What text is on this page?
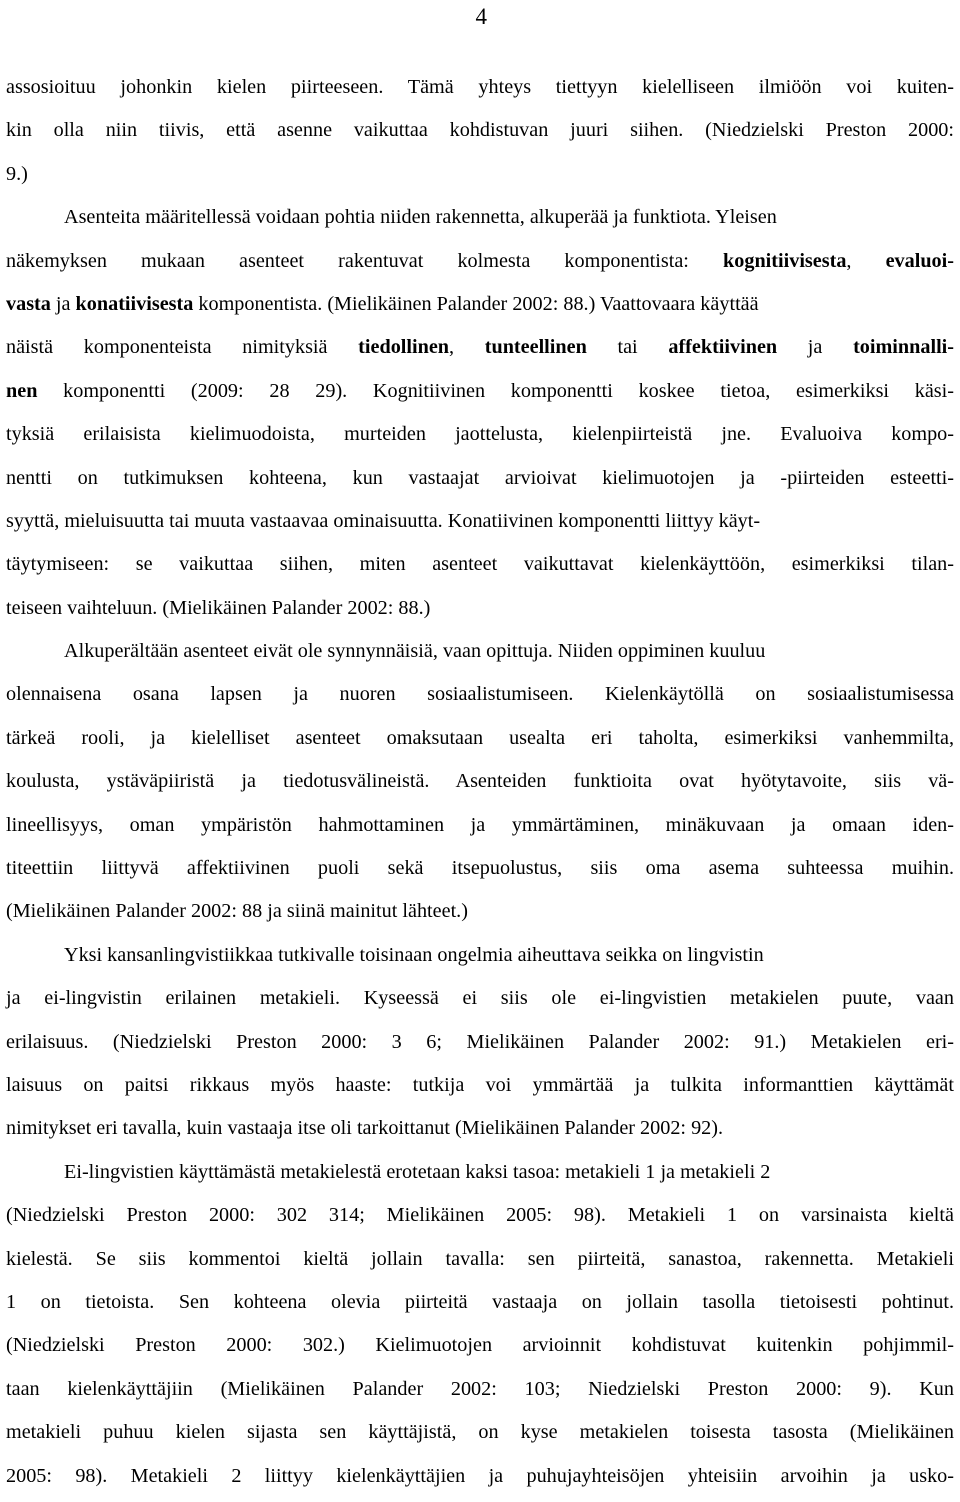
4
assosioituu johonkin kielen piirteeseen. Tämä yhteys tiettyyn kielelliseen ilmiöön voi kuiten-
kin olla niin tiivis, että asenne vaikuttaa kohdistuvan juuri siihen. (Niedzielski Preston 2000:
9.)
Asenteita määritellessä voidaan pohtia niiden rakennetta, alkuperää ja funktiota. Yleisen
näkemyksen mukaan asenteet rakentuvat kolmesta komponentista: kognitiivisesta, evaluoi-
vasta ja konatiivisesta komponentista. (Mielikäinen Palander 2002: 88.) Vaattovaara käyttää
näistä komponenteista nimityksiä tiedollinen, tunteellinen tai affektiivinen ja toiminnalli-
nen komponentti (2009: 28 29). Kognitiivinen komponentti koskee tietoa, esimerkiksi käsi-
tyksiä erilaisista kielimuodoista, murteiden jaottelusta, kielenpiirteistä jne. Evaluoiva kompo-
nentti on tutkimuksen kohteena, kun vastaajat arvioivat kielimuotojen ja -piirteiden esteetti-
syyttä, mieluisuutta tai muuta vastaavaa ominaisuutta. Konatiivinen komponentti liittyy käyt-
täytymiseen: se vaikuttaa siihen, miten asenteet vaikuttavat kielenkäyttöön, esimerkiksi tilan-
teiseen vaihteluun. (Mielikäinen Palander 2002: 88.)
Alkuperältään asenteet eivät ole synnynnäisiä, vaan opittuja. Niiden oppiminen kuuluu
olennaisena osana lapsen ja nuoren sosiaalistumiseen. Kielenkäytöllä on sosiaalistumisessa
tärkeä rooli, ja kielelliset asenteet omaksutaan usealta eri taholta, esimerkiksi vanhemmilta,
koulusta, ystäväpiiristä ja tiedotusvälineistä. Asenteiden funktioita ovat hyötytavoite, siis vä-
lineellisyys, oman ympäristön hahmottaminen ja ymmärtäminen, minäkuvaan ja omaan iden-
titeettiin liittyvä affektiivinen puoli sekä itsepuolustus, siis oma asema suhteessa muihin.
(Mielikäinen Palander 2002: 88 ja siinä mainitut lähteet.)
Yksi kansanlingvistiikkaa tutkivalle toisinaan ongelmia aiheuttava seikka on lingvistin
ja ei-lingvistin erilainen metakieli. Kyseessä ei siis ole ei-lingvistien metakielen puute, vaan
erilaisuus. (Niedzielski Preston 2000: 3 6; Mielikäinen Palander 2002: 91.) Metakielen eri-
laisuus on paitsi rikkaus myös haaste: tutkija voi ymmärtää ja tulkita informanttien käyttämät
nimitykset eri tavalla, kuin vastaaja itse oli tarkoittanut (Mielikäinen Palander 2002: 92).
Ei-lingvistien käyttämästä metakielestä erotetaan kaksi tasoa: metakieli 1 ja metakieli 2
(Niedzielski Preston 2000: 302 314; Mielikäinen 2005: 98). Metakieli 1 on varsinaista kieltä
kielestä. Se siis kommentoi kieltä jollain tavalla: sen piirteitä, sanastoa, rakennetta. Metakieli
1 on tietoista. Sen kohteena olevia piirteitä vastaaja on jollain tasolla tietoisesti pohtinut.
(Niedzielski Preston 2000: 302.) Kielimuotojen arvioinnit kohdistuvat kuitenkin pohjimmil-
taan kielenkäyttäjiin (Mielikäinen Palander 2002: 103; Niedzielski Preston 2000: 9). Kun
metakieli puhuu kielen sijasta sen käyttäjistä, on kyse metakielen toisesta tasosta (Mielikäinen
2005: 98). Metakieli 2 liittyy kielenkäyttäjien ja puhujayhteisöjen yhteisiin arvoihin ja usko-
